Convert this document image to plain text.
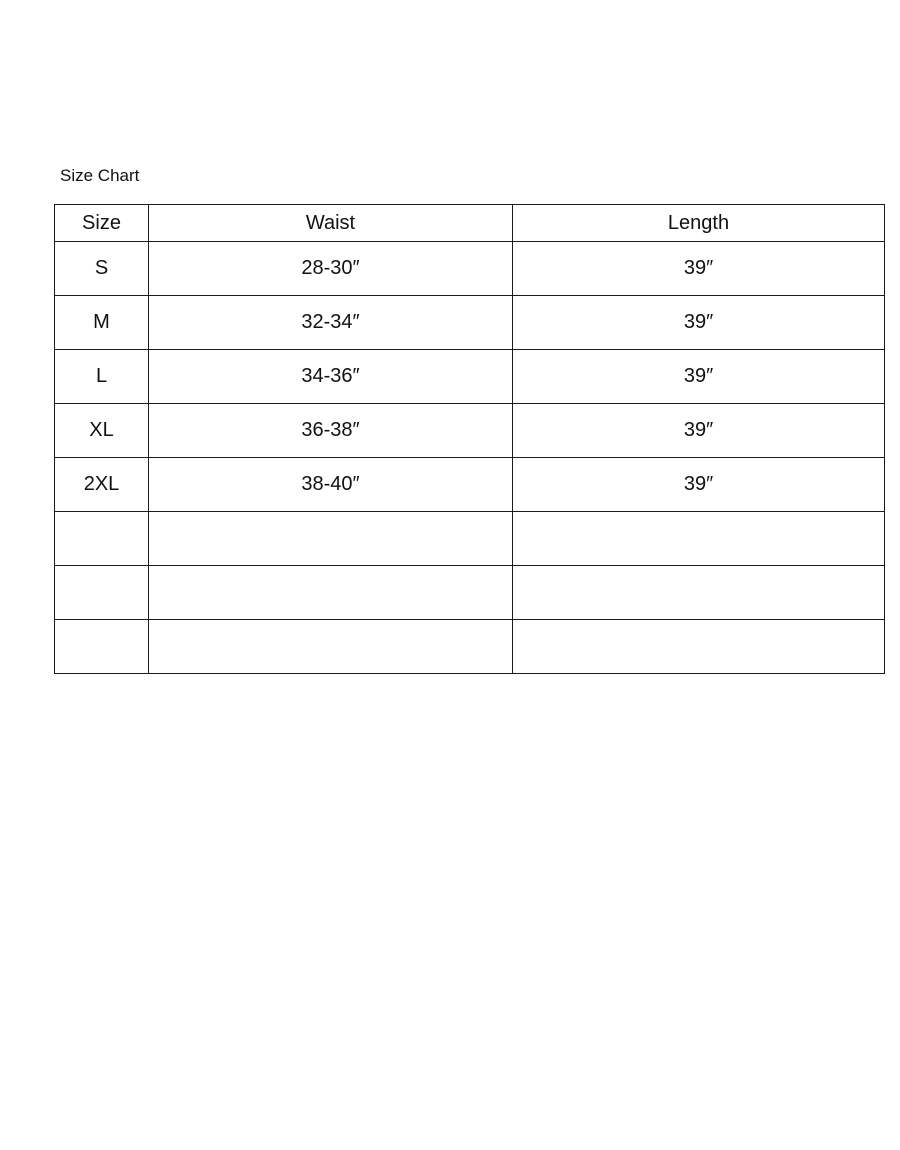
Size Chart
Size	Waist	Length
S	28-30″	39″
M	32-34″	39″
L	34-36″	39″
XL	36-38″	39″
2XL	38-40″	39″
